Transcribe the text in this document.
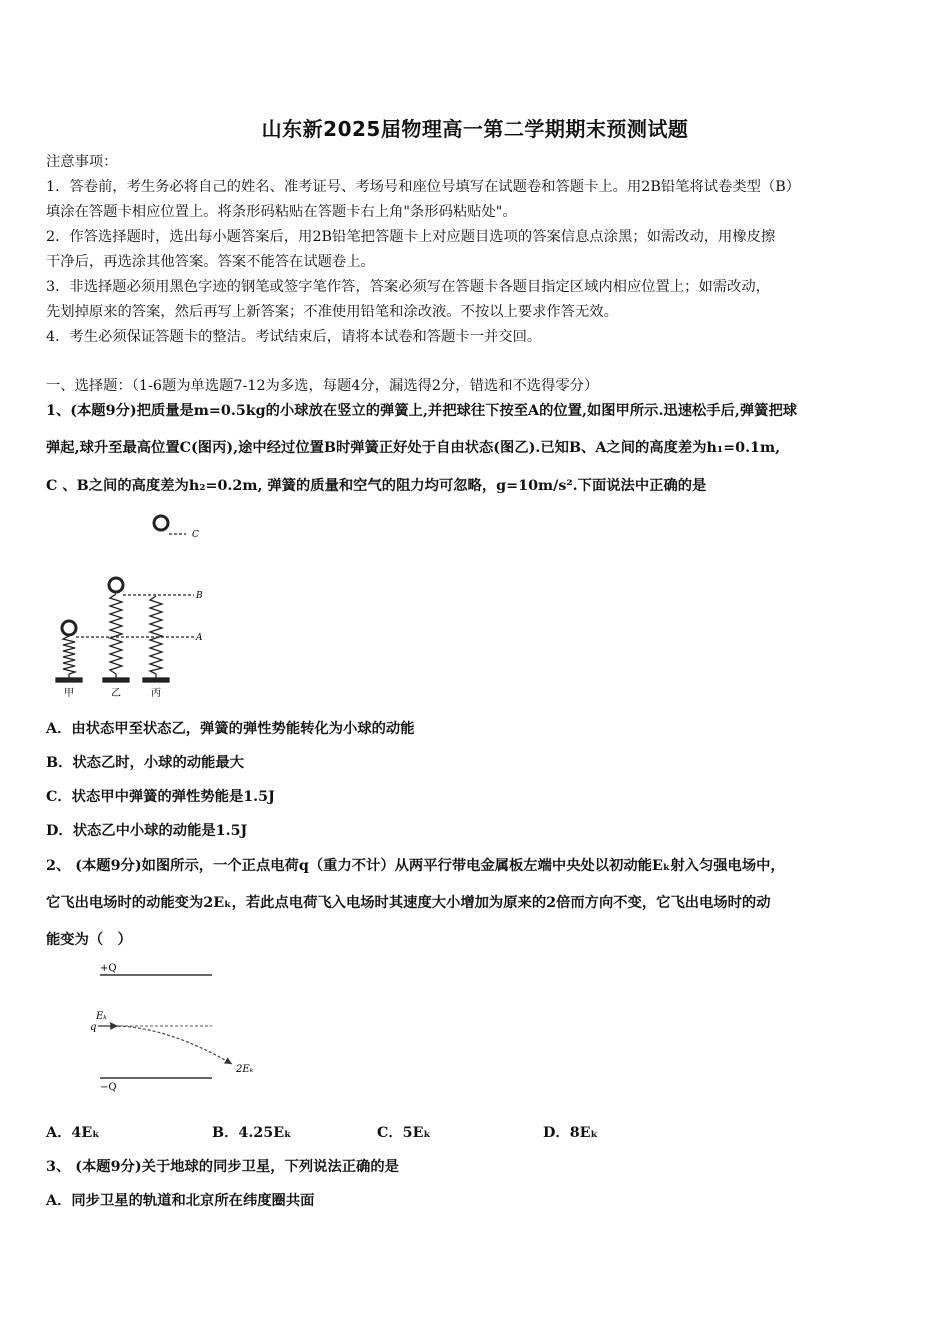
山东新2025届物理高一第二学期期末预测试题
注意事项：
1．答卷前，考生务必将自己的姓名、准考证号、考场号和座位号填写在试题卷和答题卡上。用2B铅笔将试卷类型（B）
填涂在答题卡相应位置上。将条形码粘贴在答题卡右上角"条形码粘贴处"。
2．作答选择题时，选出每小题答案后，用2B铅笔把答题卡上对应题目选项的答案信息点涂黑；如需改动，用橡皮擦
干净后，再选涂其他答案。答案不能答在试题卷上。
3．非选择题必须用黑色字迹的钢笔或签字笔作答，答案必须写在答题卡各题目指定区域内相应位置上；如需改动，
先划掉原来的答案，然后再写上新答案；不准使用铅笔和涂改液。不按以上要求作答无效。
4．考生必须保证答题卡的整洁。考试结束后，请将本试卷和答题卡一并交回。
一、选择题：（1-6题为单选题7-12为多选，每题4分，漏选得2分，错选和不选得零分）
1、(本题9分)把质量是m=0.5kg的小球放在竖立的弹簧上,并把球往下按至A的位置,如图甲所示.迅速松手后,弹簧把球
弹起,球升至最高位置C(图丙),途中经过位置B时弹簧正好处于自由状态(图乙).已知B、A之间的高度差为h₁=0.1m,
C 、B之间的高度差为h₂=0.2m, 弹簧的质量和空气的阻力均可忽略，g=10m/s².下面说法中正确的是
C
B
A
甲	乙	丙
A．由状态甲至状态乙，弹簧的弹性势能转化为小球的动能
B．状态乙时，小球的动能最大
C．状态甲中弹簧的弹性势能是1.5J
D．状态乙中小球的动能是1.5J
2、 (本题9分)如图所示，一个正点电荷q（重力不计）从两平行带电金属板左端中央处以初动能Eₖ射入匀强电场中，
它飞出电场时的动能变为2Eₖ，若此点电荷飞入电场时其速度大小增加为原来的2倍而方向不变，它飞出电场时的动
能变为（　）
+Q
−Q
q
Eₖ
2Eₖ
A．4Eₖ	B．4.25Eₖ	C．5Eₖ	D．8Eₖ
3、 (本题9分)关于地球的同步卫星，下列说法正确的是
A．同步卫星的轨道和北京所在纬度圈共面
